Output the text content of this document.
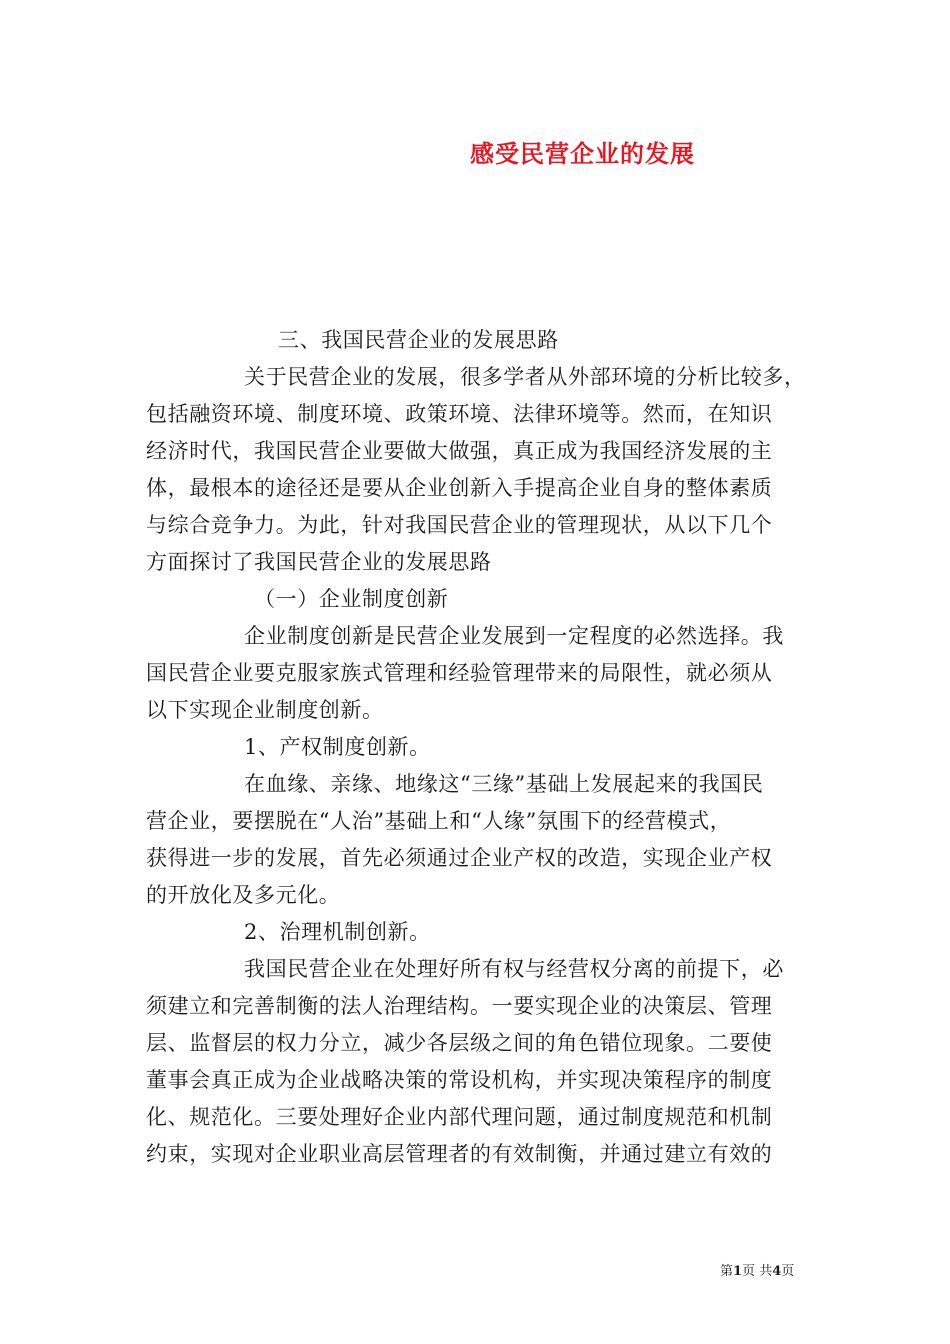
感受民营企业的发展
三、我国民营企业的发展思路
关于民营企业的发展，很多学者从外部环境的分析比较多，
包括融资环境、制度环境、政策环境、法律环境等。然而，在知识
经济时代，我国民营企业要做大做强，真正成为我国经济发展的主
体，最根本的途径还是要从企业创新入手提高企业自身的整体素质
与综合竞争力。为此，针对我国民营企业的管理现状，从以下几个
方面探讨了我国民营企业的发展思路
（一）企业制度创新
企业制度创新是民营企业发展到一定程度的必然选择。我
国民营企业要克服家族式管理和经验管理带来的局限性，就必须从
以下实现企业制度创新。
1、产权制度创新。
在血缘、亲缘、地缘这“三缘”基础上发展起来的我国民
营企业，要摆脱在“人治”基础上和“人缘”氛围下的经营模式，
获得进一步的发展，首先必须通过企业产权的改造，实现企业产权
的开放化及多元化。
2、治理机制创新。
我国民营企业在处理好所有权与经营权分离的前提下，必
须建立和完善制衡的法人治理结构。一要实现企业的决策层、管理
层、监督层的权力分立，减少各层级之间的角色错位现象。二要使
董事会真正成为企业战略决策的常设机构，并实现决策程序的制度
化、规范化。三要处理好企业内部代理问题，通过制度规范和机制
约束，实现对企业职业高层管理者的有效制衡，并通过建立有效的
第1页 共4页
